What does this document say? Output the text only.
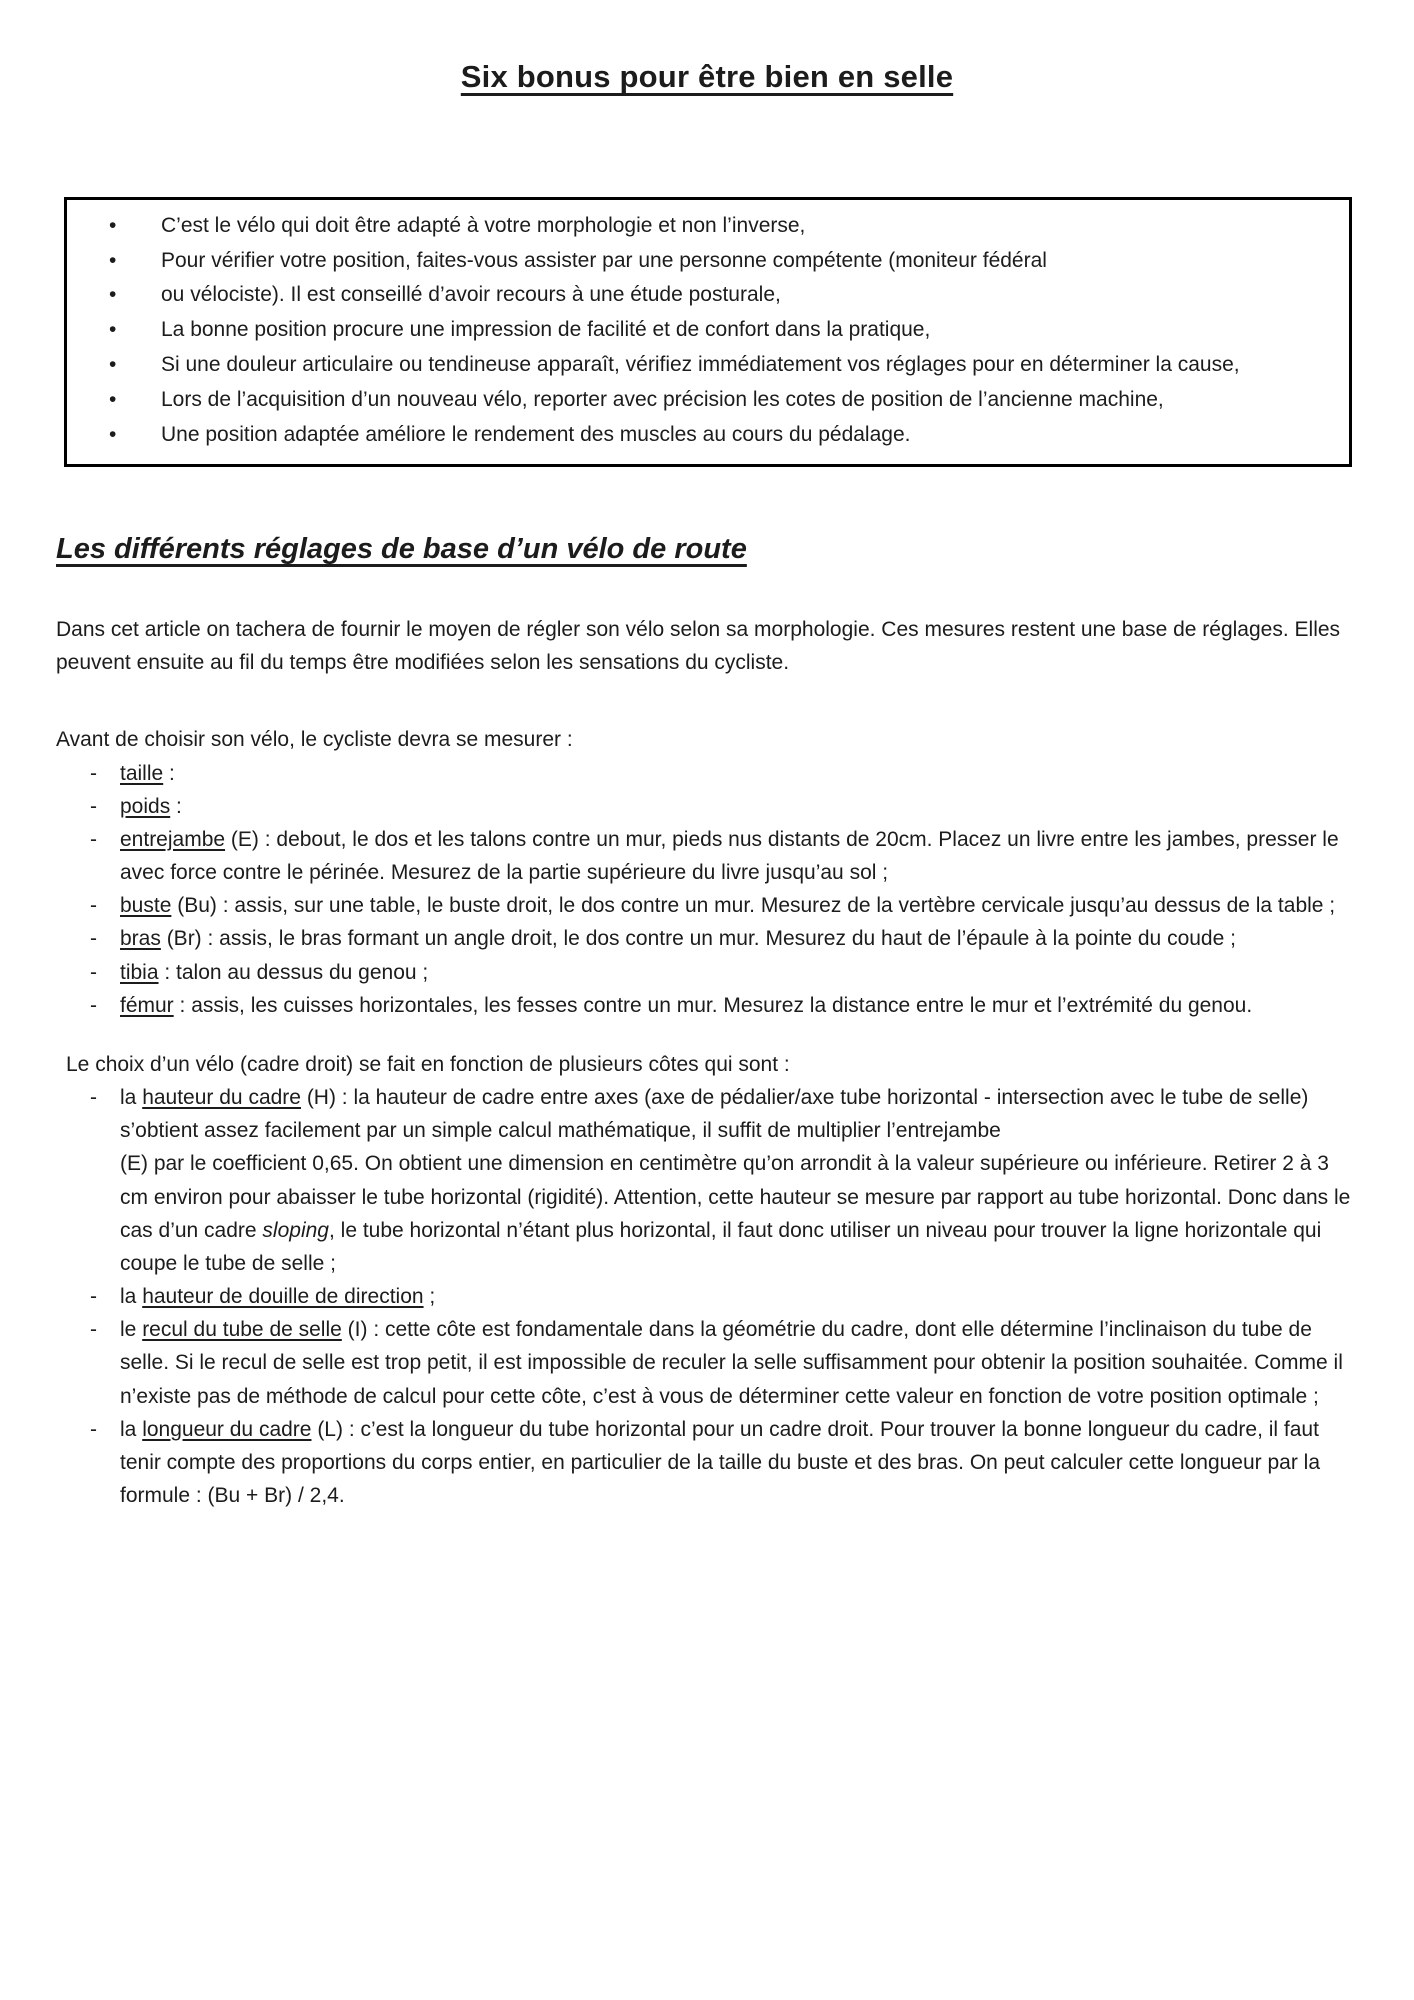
Six bonus pour être bien en selle
•	C’est le vélo qui doit être adapté à votre morphologie et non l’inverse,
•	Pour vérifier votre position, faites-vous assister par une personne compétente (moniteur fédéral
•	ou vélociste). Il est conseillé d’avoir recours à une étude posturale,
•	La bonne position procure une impression de facilité et de confort dans la pratique,
•	Si une douleur articulaire ou tendineuse apparaît, vérifiez immédiatement vos réglages pour en déterminer la cause,
•	Lors de l’acquisition d’un nouveau vélo, reporter avec précision les cotes de position de l’ancienne machine,
•	Une position adaptée améliore le rendement des muscles au cours du pédalage.
Les différents réglages de base d’un vélo de route

Dans cet article on tachera de fournir le moyen de régler son vélo selon sa morphologie. Ces mesures restent une base de réglages. Elles peuvent ensuite au fil du temps être modifiées selon les sensations du cycliste.

Avant de choisir son vélo, le cycliste devra se mesurer :

-	taille :
-	poids :
-	entrejambe (E) : debout, le dos et les talons contre un mur, pieds nus distants de 20cm. Placez un livre entre les jambes, presser le avec force contre le périnée. Mesurez de la partie supérieure du livre jusqu’au sol ;
-	buste (Bu) : assis, sur une table, le buste droit, le dos contre un mur. Mesurez de la vertèbre cervicale jusqu’au dessus de la table ;
-	bras (Br) : assis, le bras formant un angle droit, le dos contre un mur. Mesurez du haut de l’épaule à la pointe du coude ;
-	tibia : talon au dessus du genou ;
-	fémur : assis, les cuisses horizontales, les fesses contre un mur. Mesurez la distance entre le mur et l’extrémité du genou.

Le choix d’un vélo (cadre droit) se fait en fonction de plusieurs côtes qui sont :

-	la hauteur du cadre (H) : la hauteur de cadre entre axes (axe de pédalier/axe tube horizontal - intersection avec le tube de selle) s’obtient assez facilement par un simple calcul mathématique, il suffit de multiplier l’entrejambe
(E) par le coefficient 0,65. On obtient une dimension en centimètre qu’on arrondit à la valeur supérieure ou inférieure. Retirer 2 à 3 cm environ pour abaisser le tube horizontal (rigidité). Attention, cette hauteur se mesure par rapport au tube horizontal. Donc dans le cas d’un cadre sloping, le tube horizontal n’étant plus horizontal, il faut donc utiliser un niveau pour trouver la ligne horizontale qui coupe le tube de selle ;
-	la hauteur de douille de direction ;
-	le recul du tube de selle (I) : cette côte est fondamentale dans la géométrie du cadre, dont elle détermine l’inclinaison du tube de selle. Si le recul de selle est trop petit, il est impossible de reculer la selle suffisamment pour obtenir la position souhaitée. Comme il n’existe pas de méthode de calcul pour cette côte, c’est à vous de déterminer cette valeur en fonction de votre position optimale ;
-	la longueur du cadre (L) : c’est la longueur du tube horizontal pour un cadre droit. Pour trouver la bonne longueur du cadre, il faut tenir compte des proportions du corps entier, en particulier de la taille du buste et des bras. On peut calculer cette longueur par la formule : (Bu + Br) / 2,4.
